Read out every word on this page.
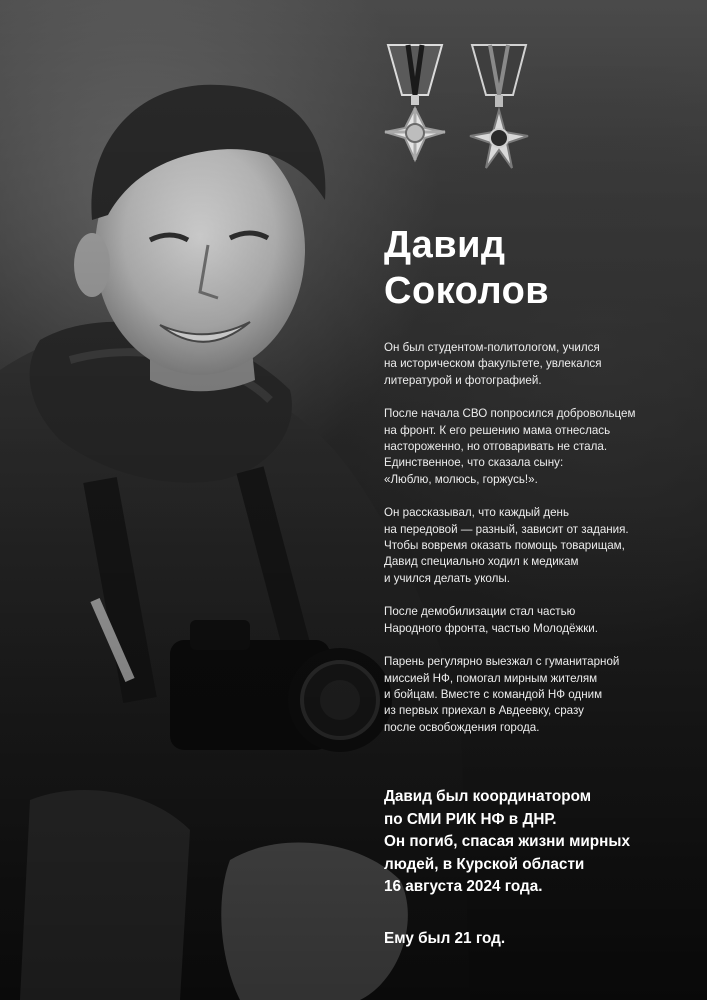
Давид
Соколов

Он был студентом-политологом, учился
на историческом факультете, увлекался
литературой и фотографией.

После начала СВО попросился добровольцем
на фронт. К его решению мама отнеслась
настороженно, но отговаривать не стала.
Единственное, что сказала сыну:
«Люблю, молюсь, горжусь!».

Он рассказывал, что каждый день
на передовой — разный, зависит от задания.
Чтобы вовремя оказать помощь товарищам,
Давид специально ходил к медикам
и учился делать уколы.

После демобилизации стал частью
Народного фронта, частью Молодёжки.

Парень регулярно выезжал с гуманитарной
миссией НФ, помогал мирным жителям
и бойцам. Вместе с командой НФ одним
из первых приехал в Авдеевку, сразу
после освобождения города.

Давид был координатором
по СМИ РИК НФ в ДНР.
Он погиб, спасая жизни мирных
людей, в Курской области
16 августа 2024 года.
Ему был 21 год.
